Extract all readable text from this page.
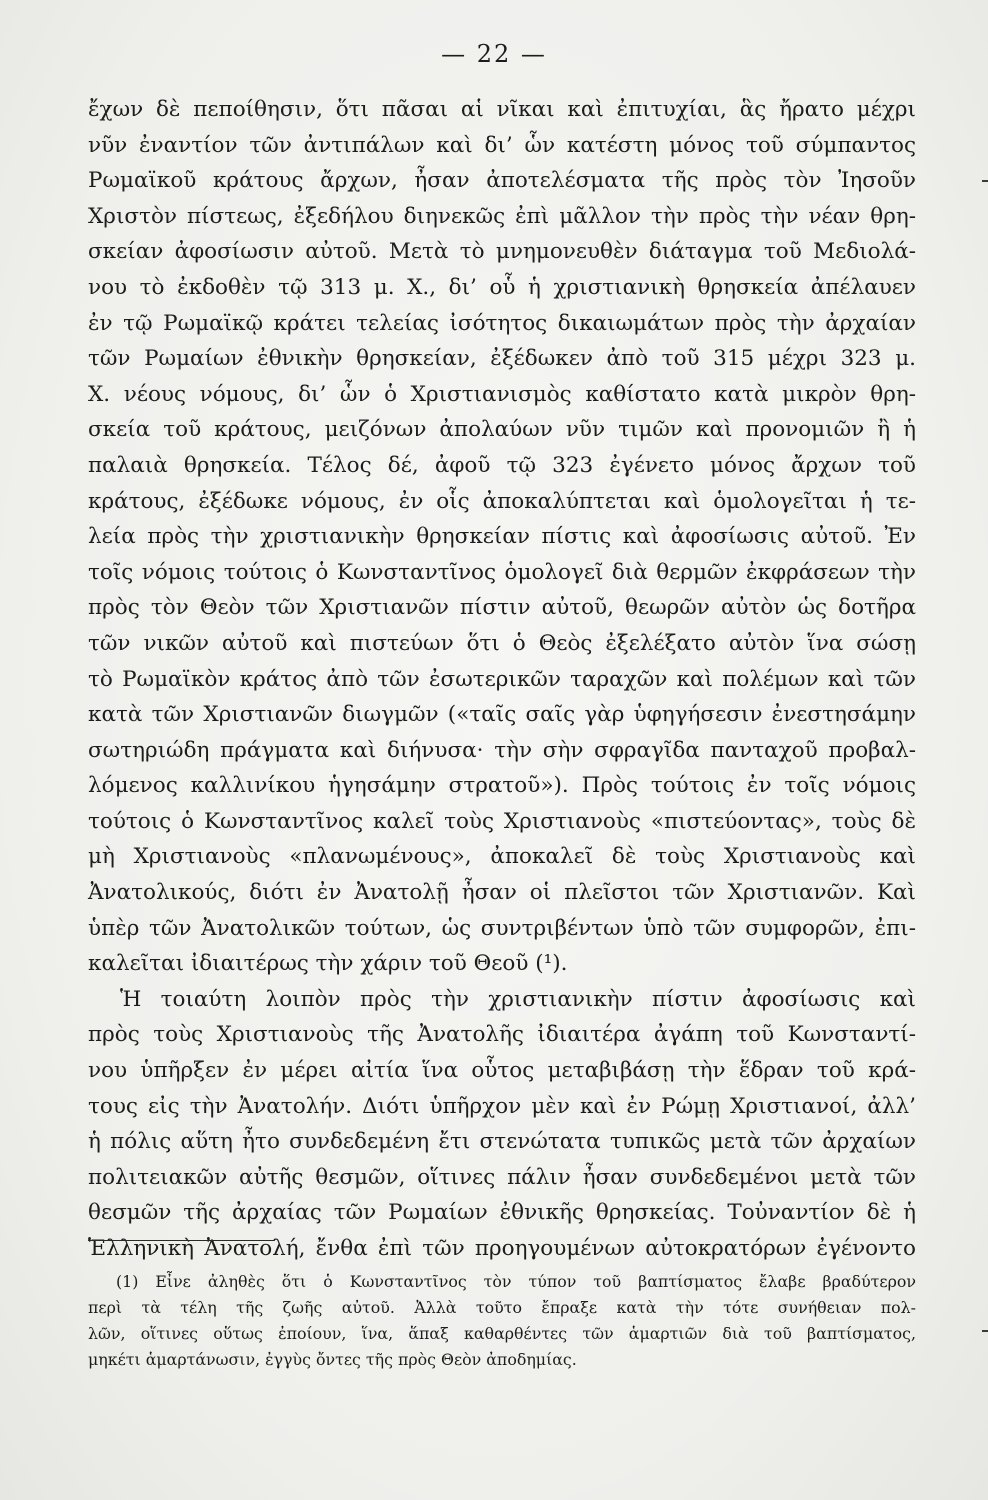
— 22 —
ἔχων δὲ πεποίθησιν, ὅτι πᾶσαι αἱ νῖκαι καὶ ἐπιτυχίαι, ἃς ἤρατο μέχρι
νῦν ἐναντίον τῶν ἀντιπάλων καὶ δι’ ὧν κατέστη μόνος τοῦ σύμπαντος
Ρωμαϊκοῦ κράτους ἄρχων, ἦσαν ἀποτελέσματα τῆς πρὸς τὸν Ἰησοῦν
Χριστὸν πίστεως, ἐξεδήλου διηνεκῶς ἐπὶ μᾶλλον τὴν πρὸς τὴν νέαν θρη-
σκείαν ἀφοσίωσιν αὐτοῦ. Μετὰ τὸ μνημονευθὲν διάταγμα τοῦ Μεδιολά-
νου τὸ ἐκδοθὲν τῷ 313 μ. Χ., δι’ οὗ ἡ χριστιανικὴ θρησκεία ἀπέλαυεν
ἐν τῷ Ρωμαϊκῷ κράτει τελείας ἰσότητος δικαιωμάτων πρὸς τὴν ἀρχαίαν
τῶν Ρωμαίων ἐθνικὴν θρησκείαν, ἐξέδωκεν ἀπὸ τοῦ 315 μέχρι 323 μ.
Χ. νέους νόμους, δι’ ὧν ὁ Χριστιανισμὸς καθίστατο κατὰ μικρὸν θρη-
σκεία τοῦ κράτους, μειζόνων ἀπολαύων νῦν τιμῶν καὶ προνομιῶν ἢ ἡ
παλαιὰ θρησκεία. Τέλος δέ, ἀφοῦ τῷ 323 ἐγένετο μόνος ἄρχων τοῦ
κράτους, ἐξέδωκε νόμους, ἐν οἷς ἀποκαλύπτεται καὶ ὁμολογεῖται ἡ τε-
λεία πρὸς τὴν χριστιανικὴν θρησκείαν πίστις καὶ ἀφοσίωσις αὐτοῦ. Ἐν
τοῖς νόμοις τούτοις ὁ Κωνσταντῖνος ὁμολογεῖ διὰ θερμῶν ἐκφράσεων τὴν
πρὸς τὸν Θεὸν τῶν Χριστιανῶν πίστιν αὐτοῦ, θεωρῶν αὐτὸν ὡς δοτῆρα
τῶν νικῶν αὐτοῦ καὶ πιστεύων ὅτι ὁ Θεὸς ἐξελέξατο αὐτὸν ἵνα σώσῃ
τὸ Ρωμαϊκὸν κράτος ἀπὸ τῶν ἐσωτερικῶν ταραχῶν καὶ πολέμων καὶ τῶν
κατὰ τῶν Χριστιανῶν διωγμῶν («ταῖς σαῖς γὰρ ὑφηγήσεσιν ἐνεστησάμην
σωτηριώδη πράγματα καὶ διήνυσα· τὴν σὴν σφραγῖδα πανταχοῦ προβαλ-
λόμενος καλλινίκου ἡγησάμην στρατοῦ»). Πρὸς τούτοις ἐν τοῖς νόμοις
τούτοις ὁ Κωνσταντῖνος καλεῖ τοὺς Χριστιανοὺς «πιστεύοντας», τοὺς δὲ
μὴ Χριστιανοὺς «πλανωμένους», ἀποκαλεῖ δὲ τοὺς Χριστιανοὺς καὶ
Ἀνατολικούς, διότι ἐν Ἀνατολῇ ἦσαν οἱ πλεῖστοι τῶν Χριστιανῶν. Καὶ
ὑπὲρ τῶν Ἀνατολικῶν τούτων, ὡς συντριβέντων ὑπὸ τῶν συμφορῶν, ἐπι-
καλεῖται ἰδιαιτέρως τὴν χάριν τοῦ Θεοῦ (¹).
Ἡ τοιαύτη λοιπὸν πρὸς τὴν χριστιανικὴν πίστιν ἀφοσίωσις καὶ
πρὸς τοὺς Χριστιανοὺς τῆς Ἀνατολῆς ἰδιαιτέρα ἀγάπη τοῦ Κωνσταντί-
νου ὑπῆρξεν ἐν μέρει αἰτία ἵνα οὗτος μεταβιβάσῃ τὴν ἕδραν τοῦ κρά-
τους εἰς τὴν Ἀνατολήν. Διότι ὑπῆρχον μὲν καὶ ἐν Ρώμῃ Χριστιανοί, ἀλλ’
ἡ πόλις αὕτη ἦτο συνδεδεμένη ἔτι στενώτατα τυπικῶς μετὰ τῶν ἀρχαίων
πολιτειακῶν αὐτῆς θεσμῶν, οἵτινες πάλιν ἦσαν συνδεδεμένοι μετὰ τῶν
θεσμῶν τῆς ἀρχαίας τῶν Ρωμαίων ἐθνικῆς θρησκείας. Τοὐναντίον δὲ ἡ
Ἑλληνικὴ Ἀνατολή, ἔνθα ἐπὶ τῶν προηγουμένων αὐτοκρατόρων ἐγένοντο
(1) Εἶνε ἀληθὲς ὅτι ὁ Κωνσταντῖνος τὸν τύπον τοῦ βαπτίσματος ἔλαβε βραδύτερον
περὶ τὰ τέλη τῆς ζωῆς αὐτοῦ. Ἀλλὰ τοῦτο ἔπραξε κατὰ τὴν τότε συνήθειαν πολ-
λῶν, οἵτινες οὕτως ἐποίουν, ἵνα, ἅπαξ καθαρθέντες τῶν ἁμαρτιῶν διὰ τοῦ βαπτίσματος,
μηκέτι ἁμαρτάνωσιν, ἐγγὺς ὄντες τῆς πρὸς Θεὸν ἀποδημίας.
